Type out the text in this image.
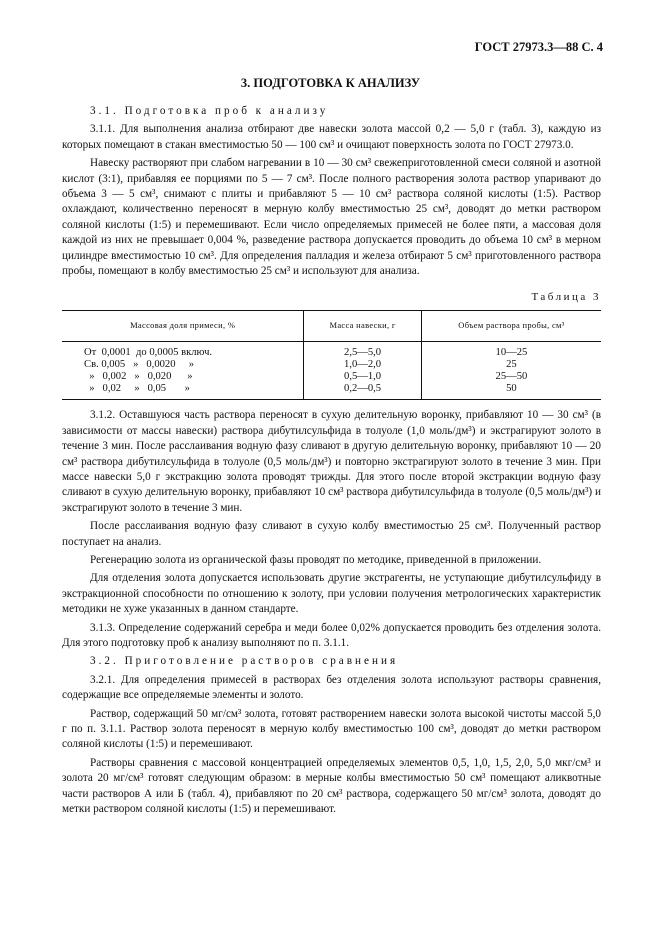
ГОСТ 27973.3—88 С. 4
3. ПОДГОТОВКА К АНАЛИЗУ

3.1. Подготовка проб к анализу

3.1.1. Для выполнения анализа отбирают две навески золота массой 0,2 — 5,0 г (табл. 3), каждую из которых помещают в стакан вместимостью 50 — 100 см³ и очищают поверхность золота по ГОСТ 27973.0.

Навеску растворяют при слабом нагревании в 10 — 30 см³ свежеприготовленной смеси соляной и азотной кислот (3:1), прибавляя ее порциями по 5 — 7 см³. После полного растворения золота раствор упаривают до объема 3 — 5 см³, снимают с плиты и прибавляют 5 — 10 см³ раствора соляной кислоты (1:5). Раствор охлаждают, количественно переносят в мерную колбу вместимостью 25 см³, доводят до метки раствором соляной кислоты (1:5) и перемешивают. Если число определяемых примесей не более пяти, а массовая доля каждой из них не превышает 0,004 %, разведение раствора допускается проводить до объема 10 см³ в мерном цилиндре вместимостью 10 см³. Для определения палладия и железа отбирают 5 см³ приготовленного раствора пробы, помещают в колбу вместимостью 25 см³ и используют для анализа.

Таблица 3
Массовая доля примеси, %	Масса навески, г	Объем раствора пробы, см³
От  0,0001  до 0,0005 включ.	2,5—5,0	10—25
Св. 0,005   »   0,0020     »	1,0—2,0	25
»   0,002   »   0,020      »	0,5—1,0	25—50
»   0,02     »   0,05       »	0,2—0,5	50

3.1.2. Оставшуюся часть раствора переносят в сухую делительную воронку, прибавляют 10 — 30 см³ (в зависимости от массы навески) раствора дибутилсульфида в толуоле (1,0 моль/дм³) и экстрагируют золото в течение 3 мин. После расслаивания водную фазу сливают в другую делительную воронку, прибавляют 10 — 20 см³ раствора дибутилсульфида в толуоле (0,5 моль/дм³) и повторно экстрагируют золото в течение 3 мин. При массе навески 5,0 г экстракцию золота проводят трижды. Для этого после второй экстракции водную фазу сливают в сухую делительную воронку, прибавляют 10 см³ раствора дибутилсульфида в толуоле (0,5 моль/дм³) и экстрагируют золото в течение 3 мин.

После расслаивания водную фазу сливают в сухую колбу вместимостью 25 см³. Полученный раствор поступает на анализ.

Регенерацию золота из органической фазы проводят по методике, приведенной в приложении.

Для отделения золота допускается использовать другие экстрагенты, не уступающие дибутилсульфиду в экстракционной способности по отношению к золоту, при условии получения метрологических характеристик методики не хуже указанных в данном стандарте.

3.1.3. Определение содержаний серебра и меди более 0,02% допускается проводить без отделения золота. Для этого подготовку проб к анализу выполняют по п. 3.1.1.

3.2. Приготовление растворов сравнения

3.2.1. Для определения примесей в растворах без отделения золота используют растворы сравнения, содержащие все определяемые элементы и золото.

Раствор, содержащий 50 мг/см³ золота, готовят растворением навески золота высокой чистоты массой 5,0 г по п. 3.1.1. Раствор золота переносят в мерную колбу вместимостью 100 см³, доводят до метки раствором соляной кислоты (1:5) и перемешивают.

Растворы сравнения с массовой концентрацией определяемых элементов 0,5, 1,0, 1,5, 2,0, 5,0 мкг/см³ и золота 20 мг/см³ готовят следующим образом: в мерные колбы вместимостью 50 см³ помещают аликвотные части растворов А или Б (табл. 4), прибавляют по 20 см³ раствора, содержащего 50 мг/см³ золота, доводят до метки раствором соляной кислоты (1:5) и перемешивают.
